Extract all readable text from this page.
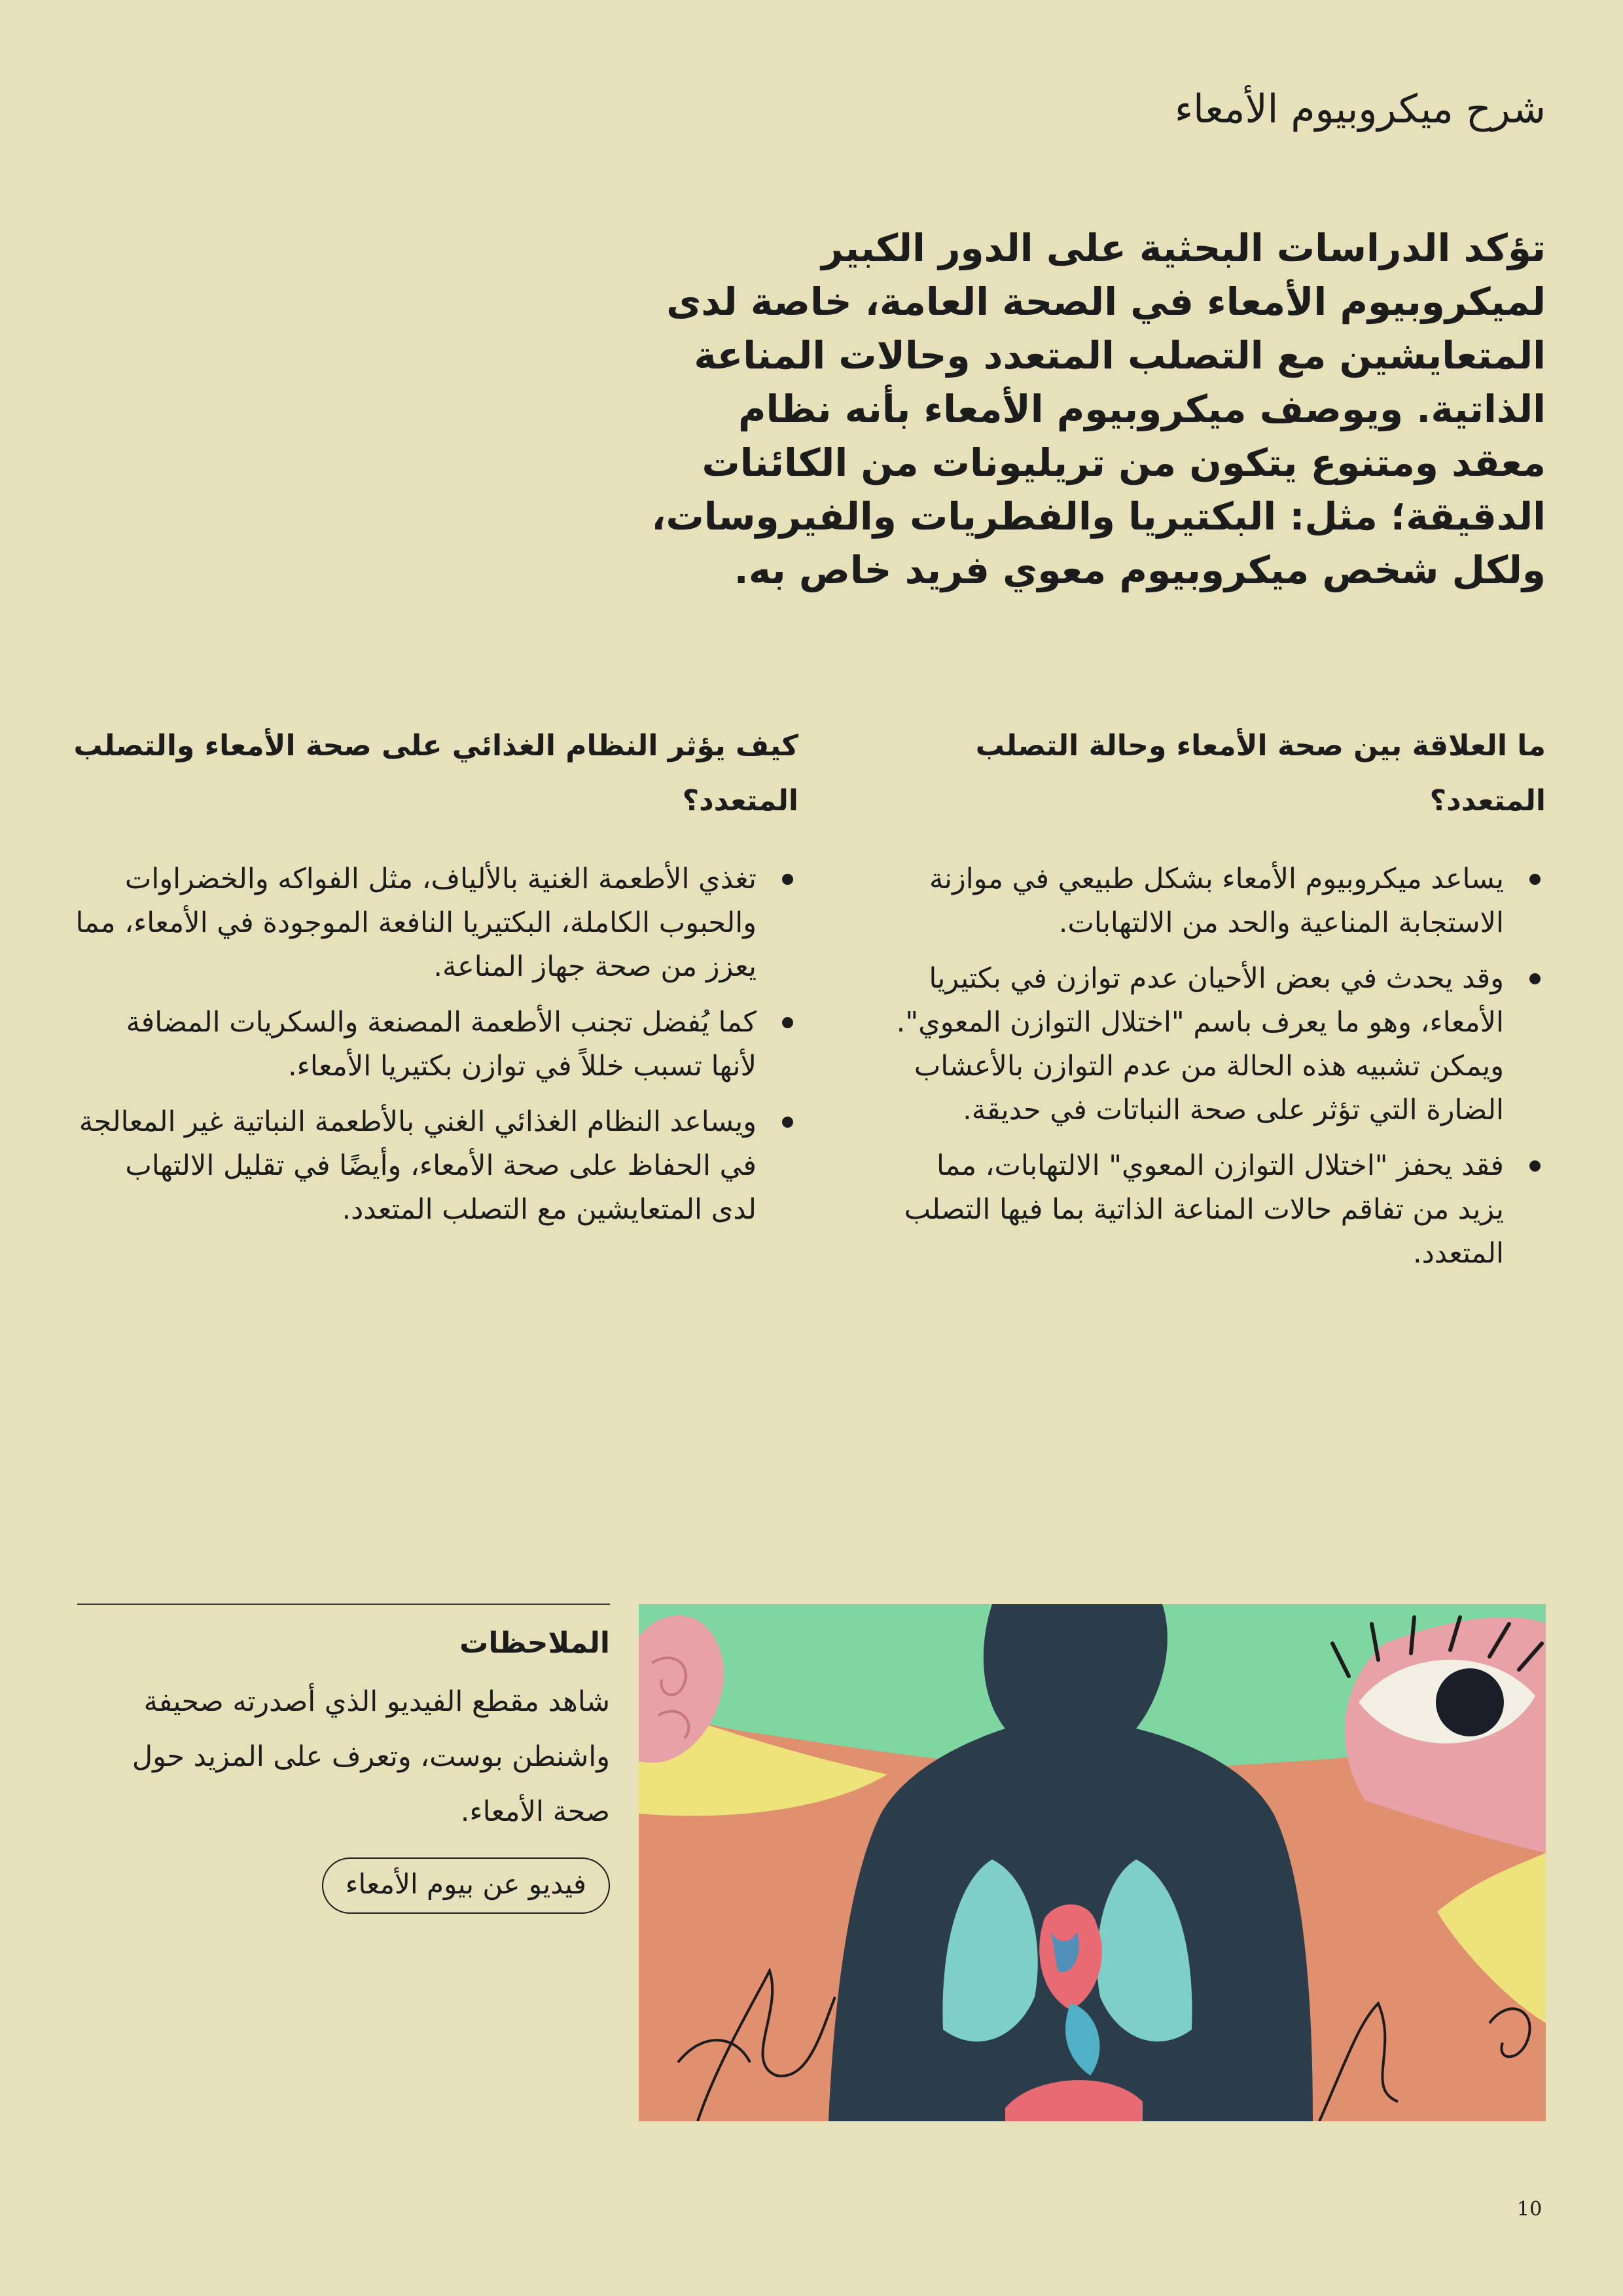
شرح ميكروبيوم الأمعاء

تؤكد الدراسات البحثية على الدور الكبير لميكروبيوم الأمعاء في الصحة العامة، خاصة لدى المتعايشين مع التصلب المتعدد وحالات المناعة الذاتية. ويوصف ميكروبيوم الأمعاء بأنه نظام معقد ومتنوع يتكون من تريليونات من الكائنات الدقيقة؛ مثل: البكتيريا والفطريات والفيروسات، ولكل شخص ميكروبيوم معوي فريد خاص به.

ما العلاقة بين صحة الأمعاء وحالة التصلب المتعدد؟
يساعد ميكروبيوم الأمعاء بشكل طبيعي في موازنة الاستجابة المناعية والحد من الالتهابات.
وقد يحدث في بعض الأحيان عدم توازن في بكتيريا الأمعاء، وهو ما يعرف باسم "اختلال التوازن المعوي". ويمكن تشبيه هذه الحالة من عدم التوازن بالأعشاب الضارة التي تؤثر على صحة النباتات في حديقة.
فقد يحفز "اختلال التوازن المعوي" الالتهابات، مما يزيد من تفاقم حالات المناعة الذاتية بما فيها التصلب المتعدد.
كيف يؤثر النظام الغذائي على صحة الأمعاء والتصلب المتعدد؟
تغذي الأطعمة الغنية بالألياف، مثل الفواكه والخضراوات والحبوب الكاملة، البكتيريا النافعة الموجودة في الأمعاء، مما يعزز من صحة جهاز المناعة.
كما يُفضل تجنب الأطعمة المصنعة والسكريات المضافة لأنها تسبب خللاً في توازن بكتيريا الأمعاء.
ويساعد النظام الغذائي الغني بالأطعمة النباتية غير المعالجة في الحفاظ على صحة الأمعاء، وأيضًا في تقليل الالتهاب لدى المتعايشين مع التصلب المتعدد.
الملاحظات

شاهد مقطع الفيديو الذي أصدرته صحيفة واشنطن بوست، وتعرف على المزيد حول صحة الأمعاء.

فيديو عن بيوم الأمعاء
10
